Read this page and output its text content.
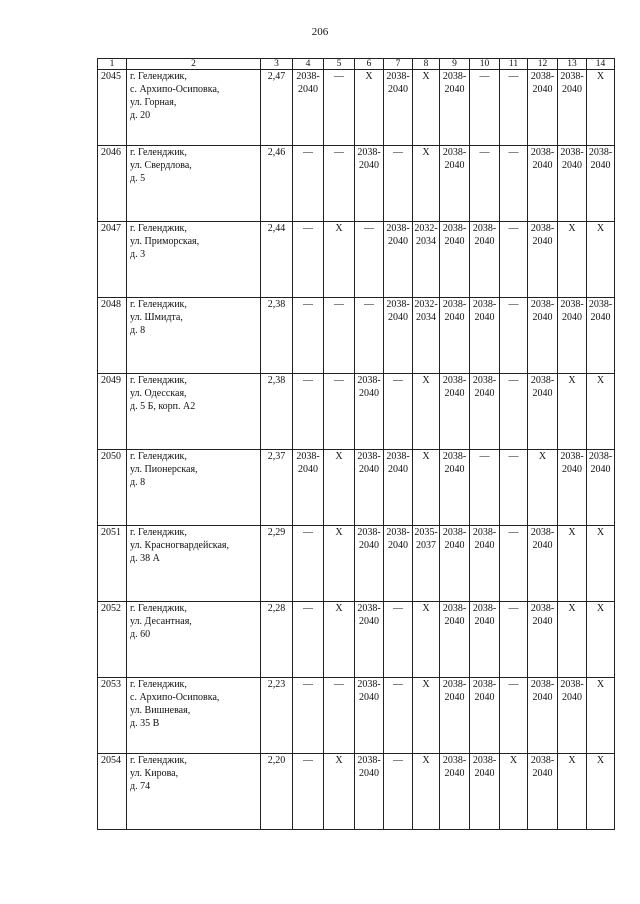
206
1	2	3	4	5	6	7	8	9	10	11	12	13	14
2045	г. Геленджик,
с. Архипо-Осиповка,
ул. Горная,
д. 20	2,47	2038-
2040	—	X	2038-
2040	X	2038-
2040	—	—	2038-
2040	2038-
2040	X

2046	г. Геленджик,
ул. Свердлова,
д. 5	2,46	—	—	2038-
2040	—	X	2038-
2040	—	—	2038-
2040	2038-
2040	2038-
2040

2047	г. Геленджик,
ул. Приморская,
д. 3	2,44	—	X	—	2038-
2040	2032-
2034	2038-
2040	2038-
2040	—	2038-
2040	X	X

2048	г. Геленджик,
ул. Шмидта,
д. 8	2,38	—	—	—	2038-
2040	2032-
2034	2038-
2040	2038-
2040	—	2038-
2040	2038-
2040	2038-
2040

2049	г. Геленджик,
ул. Одесская,
д. 5 Б, корп. А2	2,38	—	—	2038-
2040	—	X	2038-
2040	2038-
2040	—	2038-
2040	X	X

2050	г. Геленджик,
ул. Пионерская,
д. 8	2,37	2038-
2040	X	2038-
2040	2038-
2040	X	2038-
2040	—	—	X	2038-
2040	2038-
2040

2051	г. Геленджик,
ул. Красногвардейская,
д. 38 А	2,29	—	X	2038-
2040	2038-
2040	2035-
2037	2038-
2040	2038-
2040	—	2038-
2040	X	X

2052	г. Геленджик,
ул. Десантная,
д. 60	2,28	—	X	2038-
2040	—	X	2038-
2040	2038-
2040	—	2038-
2040	X	X

2053	г. Геленджик,
с. Архипо-Осиповка,
ул. Вишневая,
д. 35 В	2,23	—	—	2038-
2040	—	X	2038-
2040	2038-
2040	—	2038-
2040	2038-
2040	X

2054	г. Геленджик,
ул. Кирова,
д. 74	2,20	—	X	2038-
2040	—	X	2038-
2040	2038-
2040	X	2038-
2040	X	X
